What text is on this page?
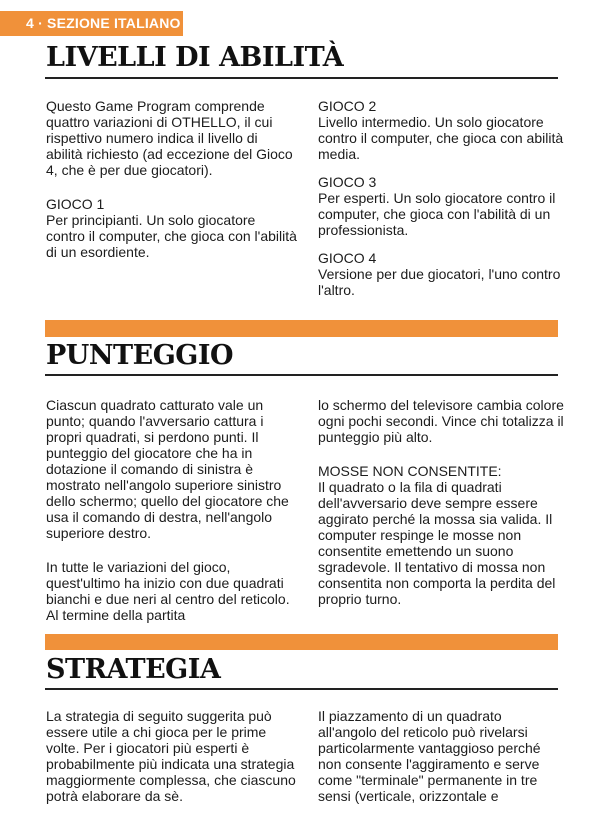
4 · SEZIONE ITALIANO
LIVELLI DI ABILITÀ

Questo Game Program comprende quattro variazioni di OTHELLO, il cui rispettivo numero indica il livello di abilità richiesto (ad eccezione del Gioco 4, che è per due giocatori).

GIOCO 1

Per principianti. Un solo giocatore contro il computer, che gioca con l'abilità di un esordiente.

GIOCO 2

Livello intermedio. Un solo giocatore contro il computer, che gioca con abilità media.

GIOCO 3

Per esperti. Un solo giocatore contro il computer, che gioca con l'abilità di un professionista.

GIOCO 4

Versione per due giocatori, l'uno contro l'altro.

PUNTEGGIO

Ciascun quadrato catturato vale un punto; quando l'avversario cattura i propri quadrati, si perdono punti. Il punteggio del giocatore che ha in dotazione il comando di sinistra è mostrato nell'angolo superiore sinistro dello schermo; quello del giocatore che usa il comando di destra, nell'angolo superiore destro.

In tutte le variazioni del gioco, quest'ultimo ha inizio con due quadrati bianchi e due neri al centro del reticolo. Al termine della partita

lo schermo del televisore cambia colore ogni pochi secondi. Vince chi totalizza il punteggio più alto.

MOSSE NON CONSENTITE:

Il quadrato o la fila di quadrati dell'avversario deve sempre essere aggirato perché la mossa sia valida. Il computer respinge le mosse non consentite emettendo un suono sgradevole. Il tentativo di mossa non consentita non comporta la perdita del proprio turno.

STRATEGIA

La strategia di seguito suggerita può essere utile a chi gioca per le prime volte. Per i giocatori più esperti è probabilmente più indicata una strategia maggiormente complessa, che ciascuno potrà elaborare da sè.

Il piazzamento di un quadrato all'angolo del reticolo può rivelarsi particolarmente vantaggioso perché non consente l'aggiramento e serve come "terminale" permanente in tre sensi (verticale, orizzontale e
